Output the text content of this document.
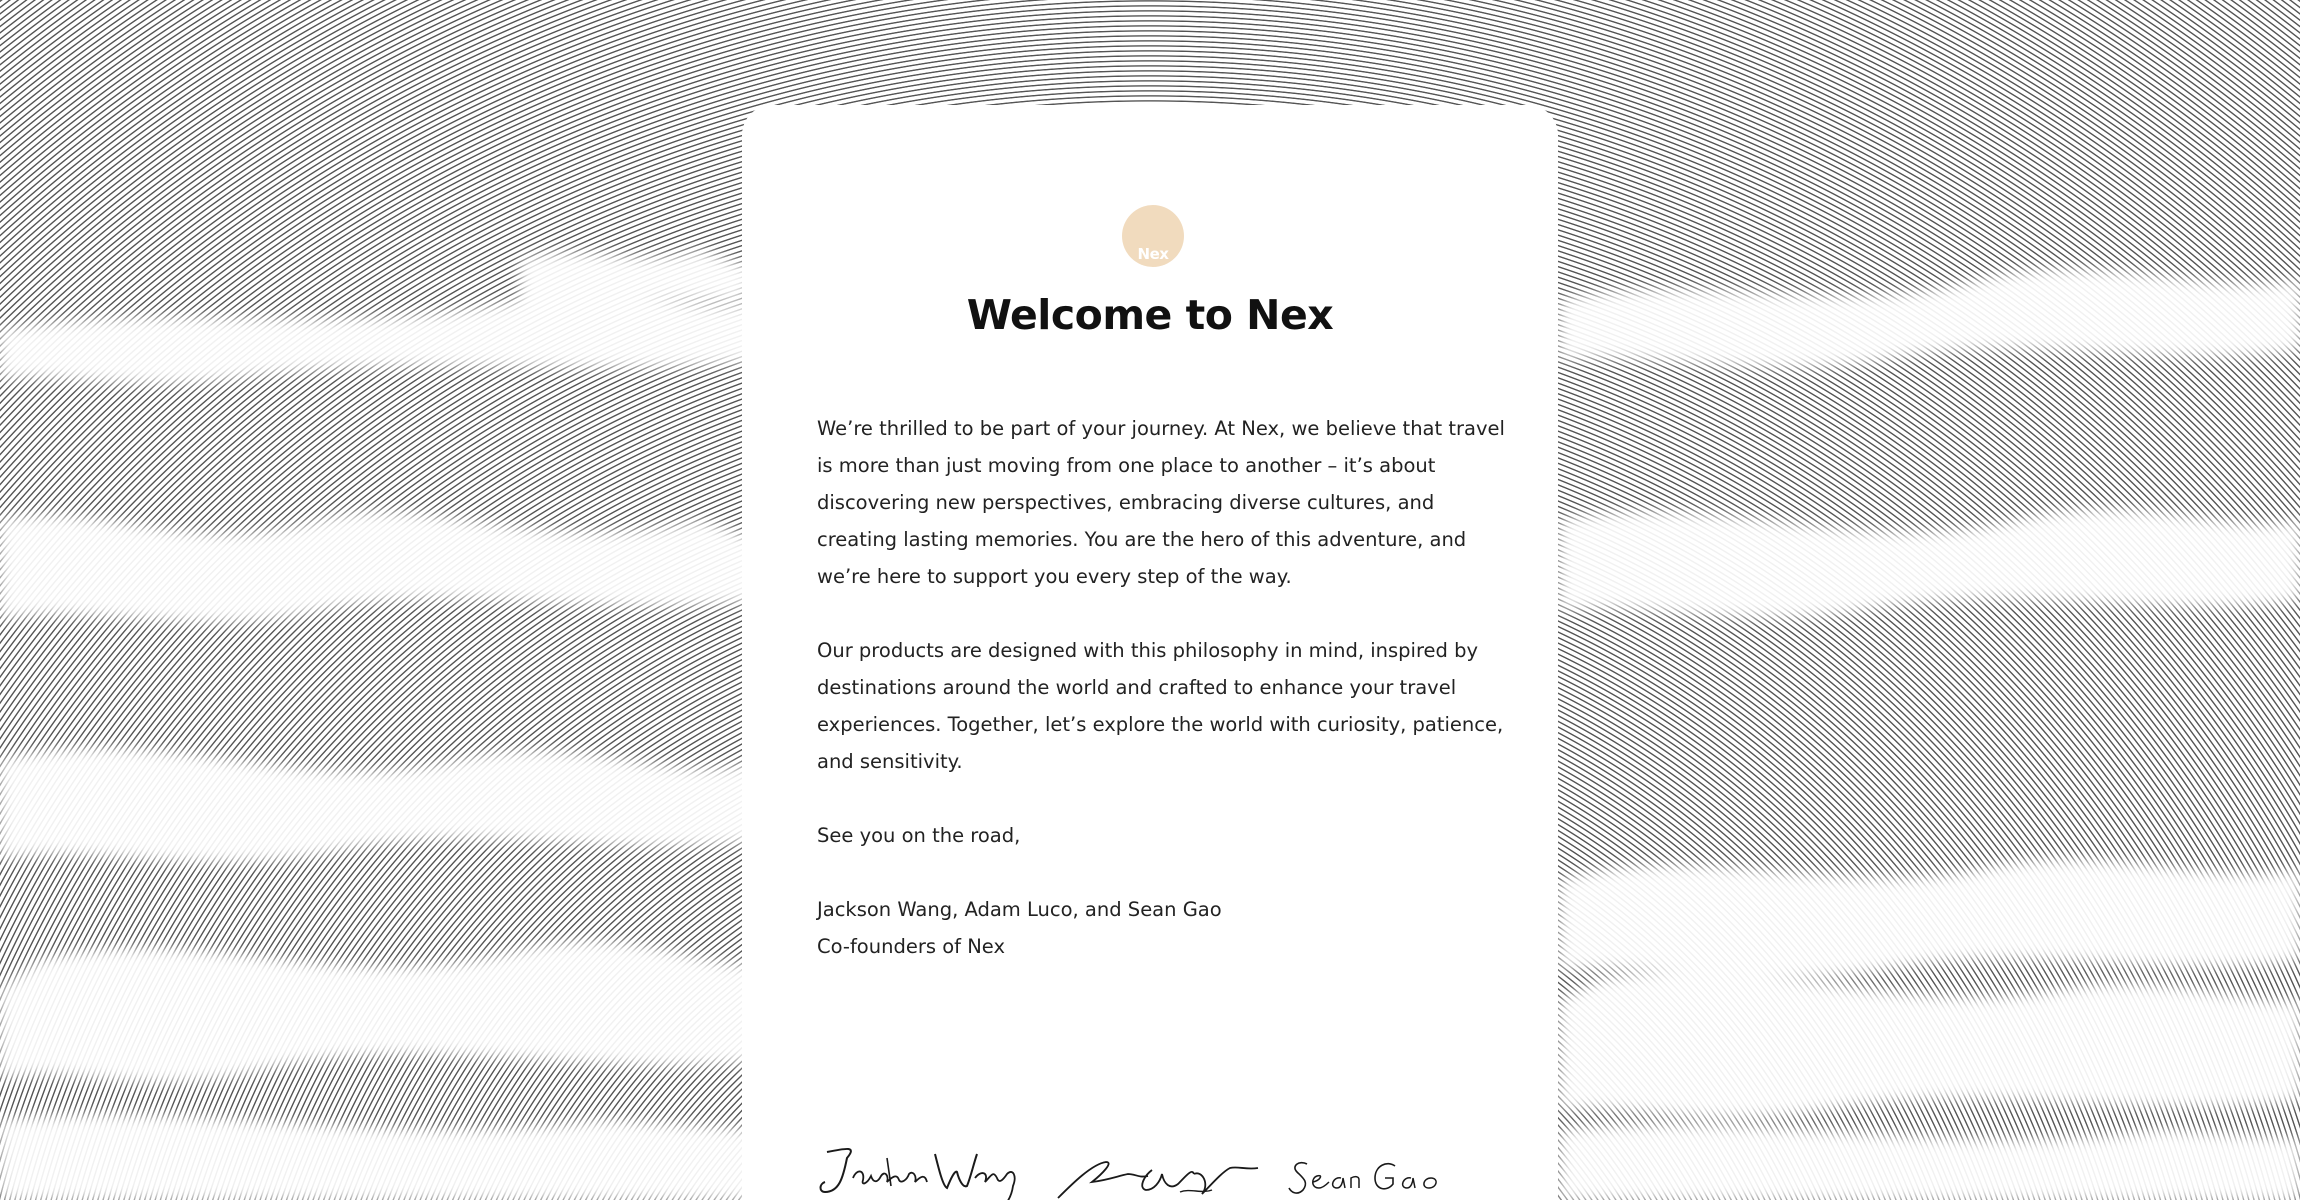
Nex
Welcome to Nex

We’re thrilled to be part of your journey. At Nex, we believe that travel is more than just moving from one place to another – it’s about discovering new perspectives, embracing diverse cultures, and creating lasting memories. You are the hero of this adventure, and we’re here to support you every step of the way.

Our products are designed with this philosophy in mind, inspired by destinations around the world and crafted to enhance your travel experiences. Together, let’s explore the world with curiosity, patience, and sensitivity.

See you on the road,

Jackson Wang, Adam Luco, and Sean Gao

Co-founders of Nex
